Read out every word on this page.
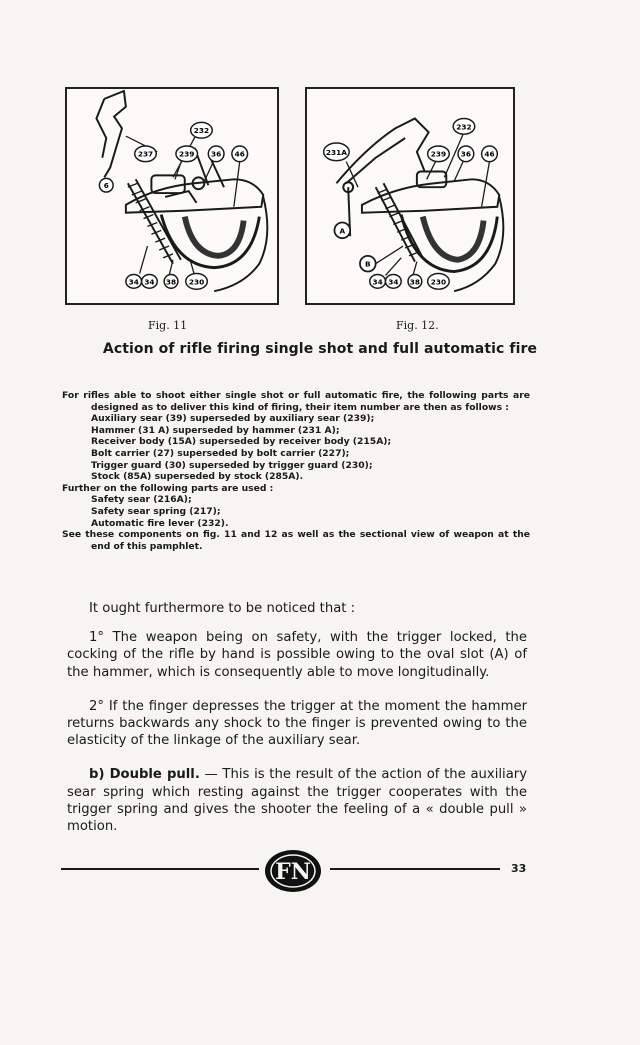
232
237	239 36 46
6
34 34 38 230
232
231A	239 36 46
A
B
34 34 38 230
Fig. 11	Fig. 12.
Action of rifle firing single shot and full automatic fire

For rifles able to shoot either single shot or full automatic fire, the following parts are designed as to deliver this kind of firing, their item number are then as follows :

Auxiliary sear (39) superseded by auxiliary sear (239);

Hammer (31 A) superseded by hammer (231 A);

Receiver body (15A) superseded by receiver body (215A);

Bolt carrier (27) superseded by bolt carrier (227);

Trigger guard (30) superseded by trigger guard (230);

Stock (85A) superseded by stock (285A).

Further on the following parts are used :

Safety sear (216A);

Safety sear spring (217);

Automatic fire lever (232).

See these components on fig. 11 and 12 as well as the sectional view of weapon at the end of this pamphlet.

It ought furthermore to be noticed that :

1° The weapon being on safety, with the trigger locked, the cocking of the rifle by hand is possible owing to the oval slot (A) of the hammer, which is consequently able to move longitudinally.

2° If the finger depresses the trigger at the moment the hammer returns backwards any shock to the finger is prevented owing to the elasticity of the linkage of the auxiliary sear.

b) Double pull. — This is the result of the action of the auxiliary sear spring which resting against the trigger cooperates with the trigger spring and gives the shooter the feeling of a « double pull » motion.

FN	33
